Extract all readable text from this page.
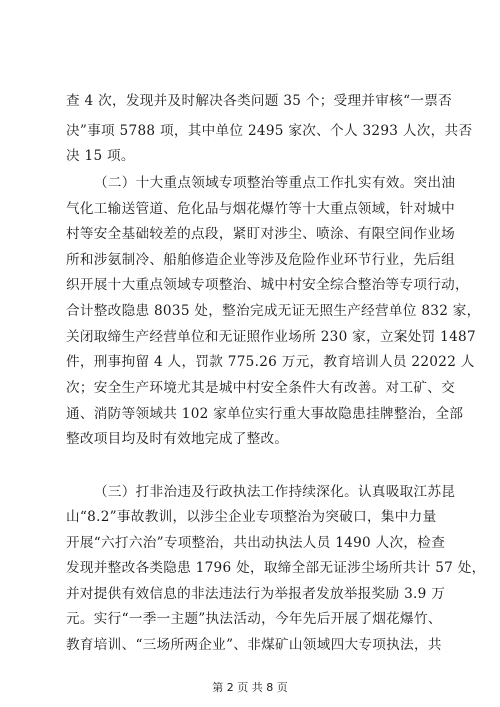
查 4 次，发现并及时解决各类问题 35 个；受理并审核“一票否
决”事项 5788 项，其中单位 2495 家次、个人 3293 人次，共否
决 15 项。
（二）十大重点领域专项整治等重点工作扎实有效。突出油
气化工输送管道、危化品与烟花爆竹等十大重点领域，针对城中
村等安全基础较差的点段，紧盯对涉尘、喷涂、有限空间作业场
所和涉氨制冷、船舶修造企业等涉及危险作业环节行业，先后组
织开展十大重点领域专项整治、城中村安全综合整治等专项行动，
合计整改隐患 8035 处，整治完成无证无照生产经营单位 832 家，
关闭取缔生产经营单位和无证照作业场所 230 家，立案处罚 1487
件，刑事拘留 4 人，罚款 775.26 万元，教育培训人员 22022 人
次；安全生产环境尤其是城中村安全条件大有改善。对工矿、交
通、消防等领域共 102 家单位实行重大事故隐患挂牌整治，全部
整改项目均及时有效地完成了整改。
（三）打非治违及行政执法工作持续深化。认真吸取江苏昆
山“8.2”事故教训，以涉尘企业专项整治为突破口，集中力量
开展“六打六治”专项整治，共出动执法人员 1490 人次，检查
发现并整改各类隐患 1796 处，取缔全部无证涉尘场所共计 57 处，
并对提供有效信息的非法违法行为举报者发放举报奖励 3.9 万
元。实行“一季一主题”执法活动，今年先后开展了烟花爆竹、
教育培训、“三场所两企业”、非煤矿山领域四大专项执法，共
第 2 页 共 8 页
